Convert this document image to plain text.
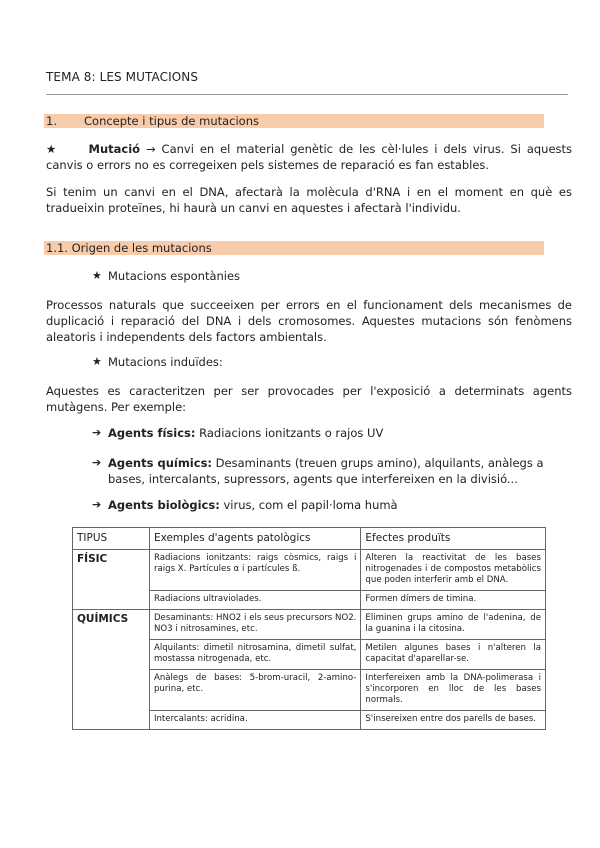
TEMA 8: LES MUTACIONS
1. Concepte i tipus de mutacions
★	Mutació → Canvi en el material genètic de les cèl·lules i dels virus. Si aquests canvis o errors no es corregeixen pels sistemes de reparació es fan estables.
Si tenim un canvi en el DNA, afectarà la molècula d'RNA i en el moment en què es tradueixin proteïnes, hi haurà un canvi en aquestes i afectarà l'individu.
1.1. Origen de les mutacions
★ Mutacions espontànies
Processos naturals que succeeixen per errors en el funcionament dels mecanismes de duplicació i reparació del DNA i dels cromosomes. Aquestes mutacions són fenòmens aleatoris i independents dels factors ambientals.
★ Mutacions induïdes:
Aquestes es caracteritzen per ser provocades per l'exposició a determinats agents mutàgens. Per exemple:
➔ Agents físics: Radiacions ionitzants o rajos UV
➔ Agents químics: Desaminants (treuen grups amino), alquilants, anàlegs a bases, intercalants, supressors, agents que interfereixen en la divisió...
➔ Agents biològics: virus, com el papil·loma humà
TIPUS	Exemples d'agents patològics	Efectes produïts
FÍSIC	Radiacions ionitzants: raigs còsmics, raigs i raigs X. Partícules α i partícules ß.	Alteren la reactivitat de les bases nitrogenades i de compostos metabòlics que poden interferir amb el DNA.

	Radiacions ultraviolades.	Formen dímers de timina.

QUÍMICS	Desaminants: HNO2 i els seus precursors NO2. NO3 i nitrosamines, etc.	Eliminen grups amino de l'adenina, de la guanina i la citosina.

	Alquilants: dimetil nitrosamina, dimetil sulfat, mostassa nitrogenada, etc.	Metilen algunes bases i n'alteren la capacitat d'aparellar-se.

	Anàlegs de bases: 5-brom-uracil, 2-amino-purina, etc.	Interfereixen amb la DNA-polimerasa i s'incorporen en lloc de les bases normals.

	Intercalants: acridina.	S'insereixen entre dos parells de bases.
